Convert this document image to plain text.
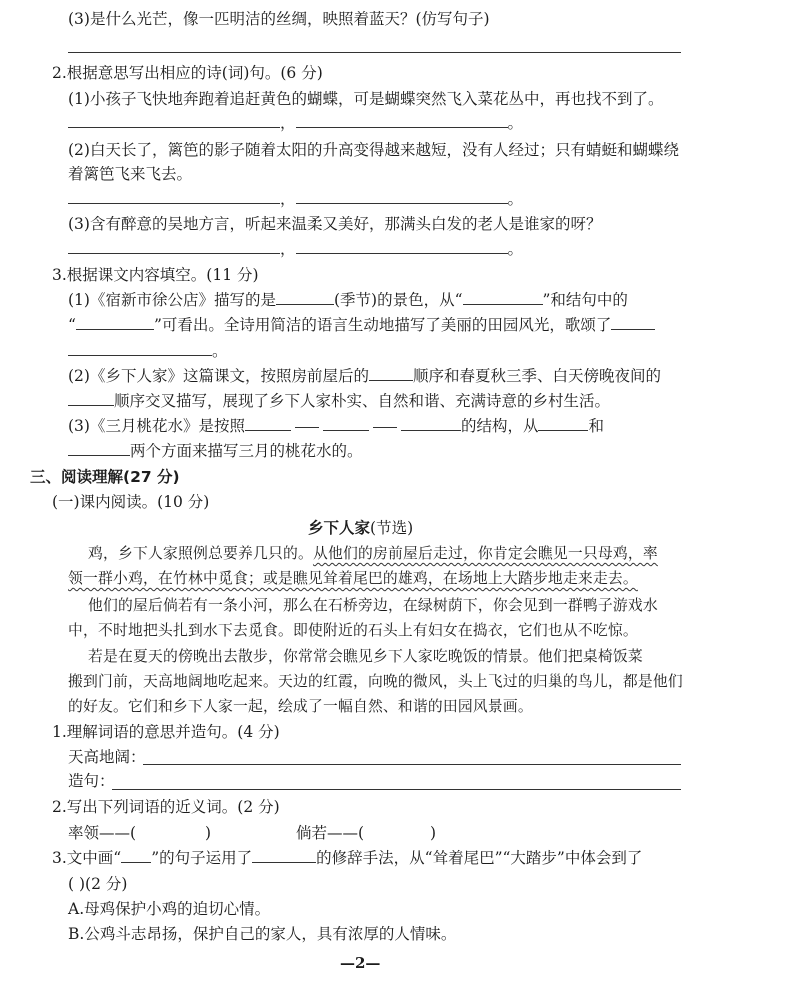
(3)是什么光芒，像一匹明洁的丝绸，映照着蓝天？(仿写句子)
2.根据意思写出相应的诗(词)句。(6 分)
(1)小孩子飞快地奔跑着追赶黄色的蝴蝶，可是蝴蝶突然飞入菜花丛中，再也找不到了。
，	。
(2)白天长了，篱笆的影子随着太阳的升高变得越来越短，没有人经过；只有蜻蜓和蝴蝶绕
着篱笆飞来飞去。
，	。
(3)含有醉意的吴地方言，听起来温柔又美好，那满头白发的老人是谁家的呀？
，	。
3.根据课文内容填空。(11 分)
(1)《宿新市徐公店》描写的是	(季节)的景色，从“	”和结句中的
“	”可看出。全诗用简洁的语言生动地描写了美丽的田园风光，歌颂了
。
(2)《乡下人家》这篇课文，按照房前屋后的	顺序和春夏秋三季、白天傍晚夜间的
顺序交叉描写，展现了乡下人家朴实、自然和谐、充满诗意的乡村生活。
(3)《三月桃花水》是按照	的结构，从	和
两个方面来描写三月的桃花水的。
三、阅读理解(27 分)
(一)课内阅读。(10 分)
乡下人家(节选)
鸡，乡下人家照例总要养几只的。从他们的房前屋后走过，你肯定会瞧见一只母鸡，率
领一群小鸡，在竹林中觅食；或是瞧见耸着尾巴的雄鸡，在场地上大踏步地走来走去。
他们的屋后倘若有一条小河，那么在石桥旁边，在绿树荫下，你会见到一群鸭子游戏水
中，不时地把头扎到水下去觅食。即使附近的石头上有妇女在捣衣，它们也从不吃惊。
若是在夏天的傍晚出去散步，你常常会瞧见乡下人家吃晚饭的情景。他们把桌椅饭菜
搬到门前，天高地阔地吃起来。天边的红霞，向晚的微风，头上飞过的归巢的鸟儿，都是他们
的好友。它们和乡下人家一起，绘成了一幅自然、和谐的田园风景画。
1.理解词语的意思并造句。(4 分)
天高地阔：
造句：
2.写出下列词语的近义词。(2 分)
率领——(	)	倘若——(	)
3.文中画“ ”的句子运用了	的修辞手法，从“耸着尾巴”“大踏步”中体会到了
( )(2 分)
A.母鸡保护小鸡的迫切心情。
B.公鸡斗志昂扬，保护自己的家人，具有浓厚的人情味。
—2—
